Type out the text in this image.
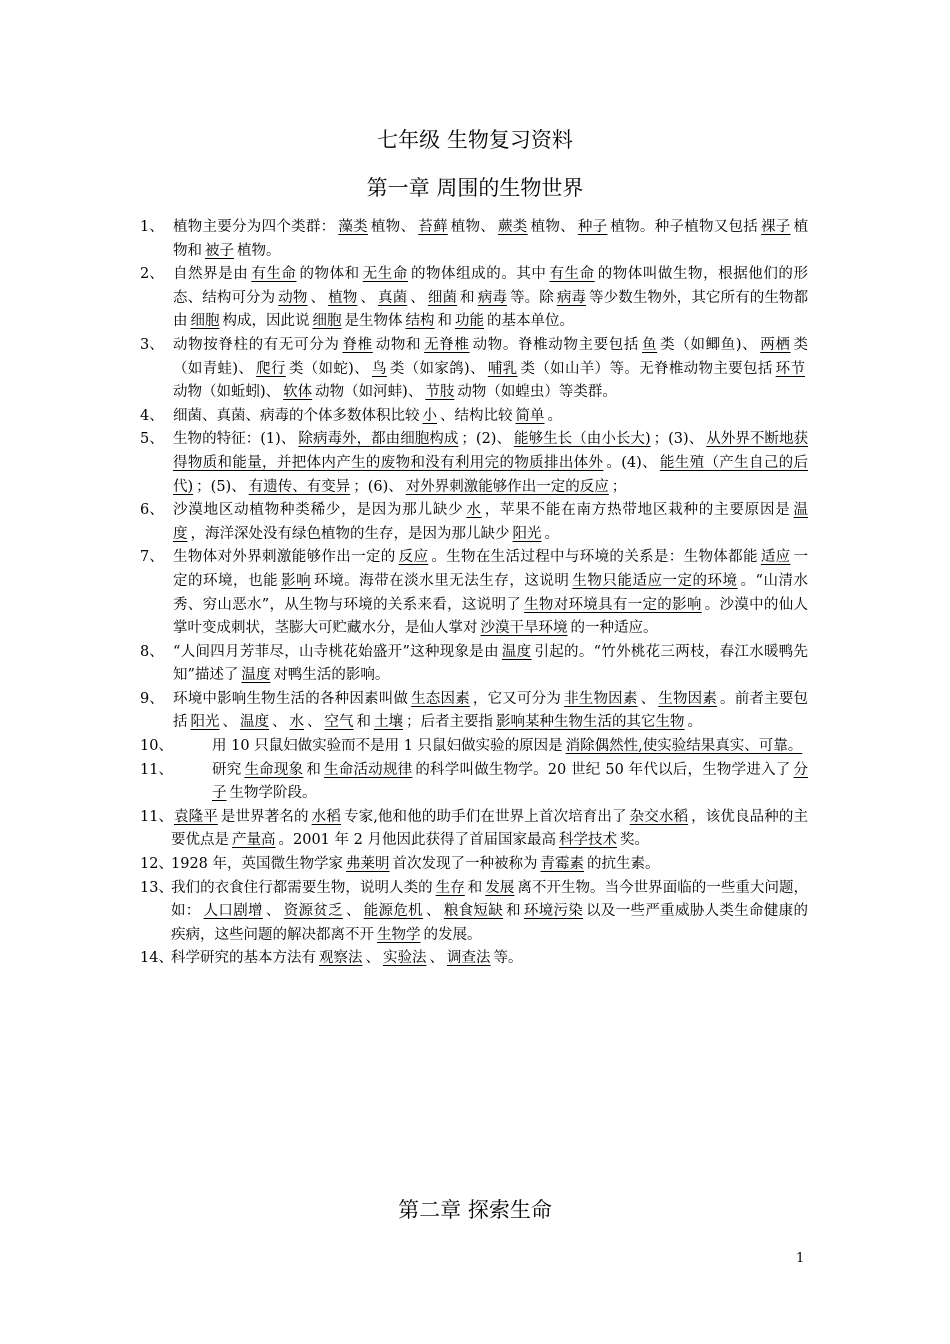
七年级 生物复习资料
第一章 周围的生物世界
1、 植物主要分为四个类群： 藻类 植物、 苔藓 植物、 蕨类 植物、 种子 植物。种子植物又包括 裸子 植物和 被子 植物。
2、 自然界是由 有生命 的物体和 无生命 的物体组成的。其中 有生命 的物体叫做生物，根据他们的形态、结构可分为 动物 、 植物 、 真菌 、 细菌 和 病毒 等。除 病毒 等少数生物外，其它所有的生物都由 细胞 构成，因此说 细胞 是生物体 结构 和 功能 的基本单位。
3、 动物按脊柱的有无可分为 脊椎 动物和 无脊椎 动物。脊椎动物主要包括 鱼 类（如鲫鱼)、 两栖 类（如青蛙)、 爬行 类（如蛇)、 鸟 类（如家鸽)、 哺乳 类（如山羊）等。无脊椎动物主要包括 环节动物（如蚯蚓)、 软体 动物（如河蚌)、 节肢 动物（如蝗虫）等类群。
4、 细菌、真菌、病毒的个体多数体积比较 小 、结构比较 简单 。
5、 生物的特征：(1)、 除病毒外，都由细胞构成 ；(2)、 能够生长（由小长大) ；(3)、 从外界不断地获得物质和能量，并把体内产生的废物和没有利用完的物质排出体外 。(4)、 能生殖（产生自己的后代) ；(5)、 有遗传、有变异 ；(6)、 对外界刺激能够作出一定的反应 ；
6、 沙漠地区动植物种类稀少，是因为那儿缺少 水 ，苹果不能在南方热带地区栽种的主要原因是 温度 ，海洋深处没有绿色植物的生存，是因为那儿缺少 阳光 。
7、 生物体对外界刺激能够作出一定的 反应 。生物在生活过程中与环境的关系是：生物体都能 适应 一定的环境，也能 影响 环境。海带在淡水里无法生存，这说明 生物只能适应一定的环境 。“山清水秀、穷山恶水”，从生物与环境的关系来看，这说明了 生物对环境具有一定的影响 。沙漠中的仙人掌叶变成刺状，茎膨大可贮藏水分，是仙人掌对 沙漠干旱环境 的一种适应。
8、 “人间四月芳菲尽，山寺桃花始盛开”这种现象是由 温度 引起的。“竹外桃花三两枝，春江水暖鸭先知”描述了 温度 对鸭生活的影响。
9、 环境中影响生物生活的各种因素叫做 生态因素 ，它又可分为 非生物因素 、 生物因素 。前者主要包括 阳光 、 温度 、 水 、 空气 和 土壤 ；后者主要指 影响某种生物生活的其它生物 。
10、	用 10 只鼠妇做实验而不是用 1 只鼠妇做实验的原因是 消除偶然性,使实验结果真实、可靠。
11、	研究 生命现象 和 生命活动规律 的科学叫做生物学。20 世纪 50 年代以后，生物学进入了 分子 生物学阶段。
11、 袁隆平 是世界著名的 水稻 专家,他和他的助手们在世界上首次培育出了 杂交水稻 ，该优良品种的主要优点是 产量高 。2001 年 2 月他因此获得了首届国家最高 科学技术 奖。
12、
1928 年，英国微生物学家 弗莱明 首次发现了一种被称为 青霉素 的抗生素。
13、
我们的衣食住行都需要生物，说明人类的 生存 和 发展 离不开生物。当今世界面临的一些重大问题，如： 人口剧增 、 资源贫乏 、 能源危机 、 粮食短缺 和 环境污染 以及一些严重威胁人类生命健康的疾病，这些问题的解决都离不开 生物学 的发展。
14、
科学研究的基本方法有 观察法 、 实验法 、 调查法 等。
第二章 探索生命
1
